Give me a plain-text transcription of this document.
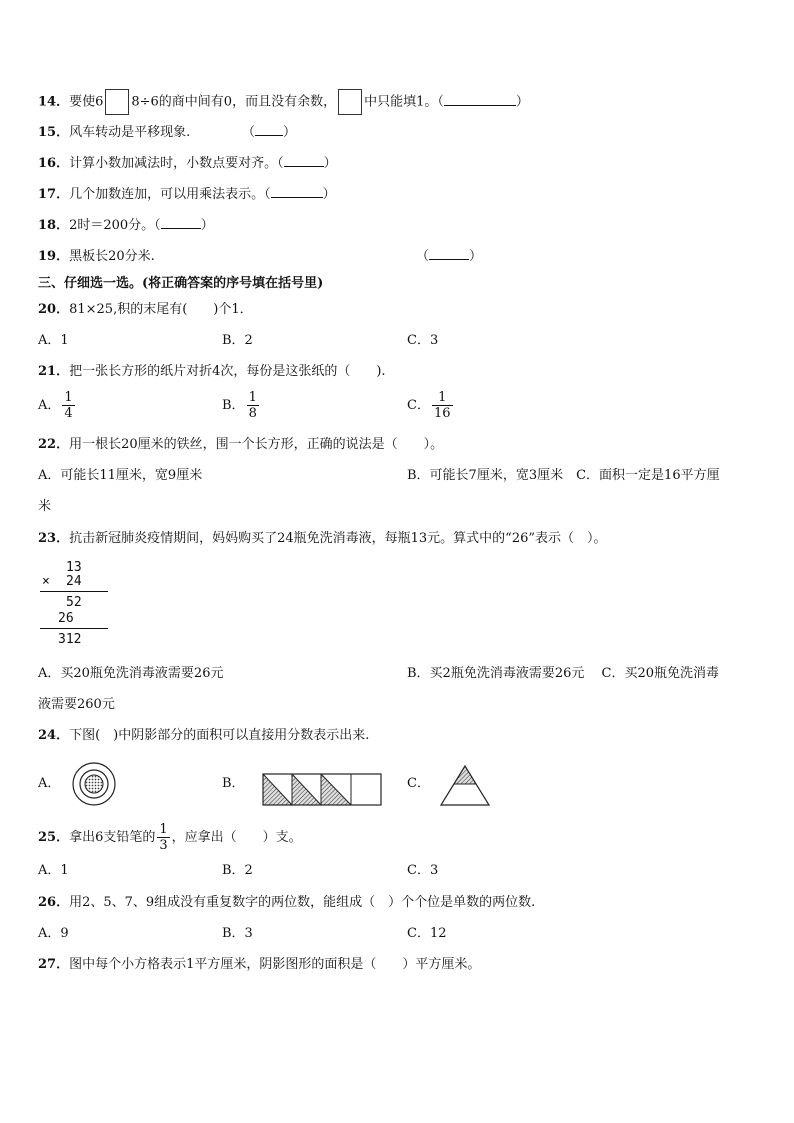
14．要使6 8÷6的商中间有0，而且没有余数， 中只能填1。（	）
15．风车转动是平移现象.	（ ）
16．计算小数加减法时，小数点要对齐。（	）
17．几个加数连加，可以用乘法表示。（	）
18．2时＝200分。（	）
19．黑板长20分米.	（	）
三、仔细选一选。(将正确答案的序号填在括号里)
20．81×25,积的末尾有(　　)个1．
A．1	B．2	C．3
21．把一张长方形的纸片对折4次，每份是这张纸的（　　).
A． $\frac{1}{4}$	B． $\frac{1}{8}$	C． $\frac{1}{16}$
22．用一根长20厘米的铁丝，围一个长方形，正确的说法是（　　）。
A．可能长11厘米，宽9厘米	B．可能长7厘米，宽3厘米　C．面积一定是16平方厘
米
23．抗击新冠肺炎疫情期间，妈妈购买了24瓶免洗消毒液，每瓶13元。算式中的“26”表示（　）。
13
× 24
52
26
312
A．买20瓶免洗消毒液需要26元	B．买2瓶免洗消毒液需要26元　 C．买20瓶免洗消毒
液需要260元
24．下图(　)中阴影部分的面积可以直接用分数表示出来.
A．	B．	C．
25．拿出6支铅笔的 $\frac{1}{3}$ ，应拿出（　　）支。
A．1	B．2	C．3
26．用2、5、7、9组成没有重复数字的两位数，能组成（　）个个位是单数的两位数.
A．9	B．3	C．12
27．图中每个小方格表示1平方厘米，阴影图形的面积是（　　）平方厘米。
